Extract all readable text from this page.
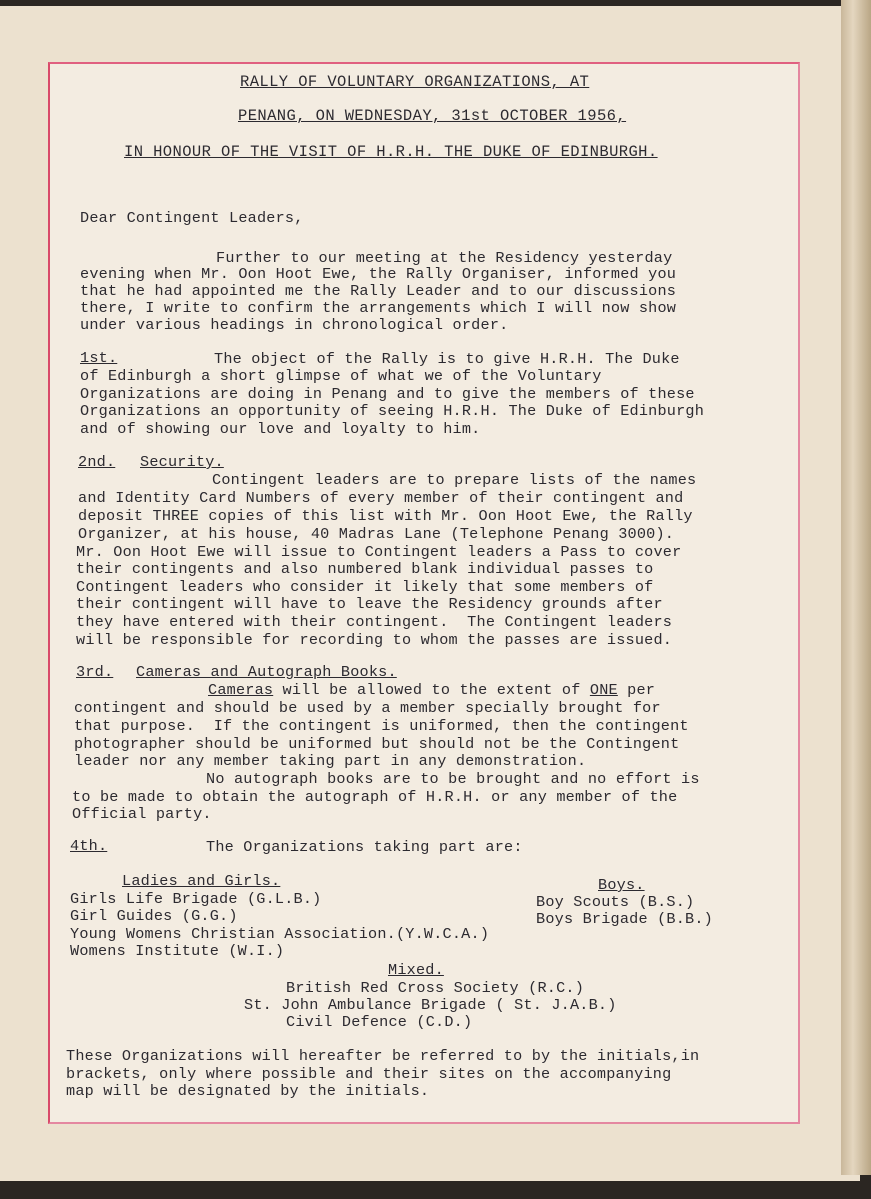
RALLY OF VOLUNTARY ORGANIZATIONS, AT
PENANG, ON WEDNESDAY, 31st OCTOBER 1956,
IN HONOUR OF THE VISIT OF H.R.H. THE DUKE OF EDINBURGH.
Dear Contingent Leaders,
Further to our meeting at the Residency yesterday
evening when Mr. Oon Hoot Ewe, the Rally Organiser, informed you
that he had appointed me the Rally Leader and to our discussions
there, I write to confirm the arrangements which I will now show
under various headings in chronological order.
1st.	The object of the Rally is to give H.R.H. The Duke
of Edinburgh a short glimpse of what we of the Voluntary
Organizations are doing in Penang and to give the members of these
Organizations an opportunity of seeing H.R.H. The Duke of Edinburgh
and of showing our love and loyalty to him.
2nd. Security.
Contingent leaders are to prepare lists of the names
and Identity Card Numbers of every member of their contingent and
deposit THREE copies of this list with Mr. Oon Hoot Ewe, the Rally
Organizer, at his house, 40 Madras Lane (Telephone Penang 3000).
Mr. Oon Hoot Ewe will issue to Contingent leaders a Pass to cover
their contingents and also numbered blank individual passes to
Contingent leaders who consider it likely that some members of
their contingent will have to leave the Residency grounds after
they have entered with their contingent.  The Contingent leaders
will be responsible for recording to whom the passes are issued.
3rd. Cameras and Autograph Books.
Cameras will be allowed to the extent of ONE per
contingent and should be used by a member specially brought for
that purpose.  If the contingent is uniformed, then the contingent
photographer should be uniformed but should not be the Contingent
leader nor any member taking part in any demonstration.
No autograph books are to be brought and no effort is
to be made to obtain the autograph of H.R.H. or any member of the
Official party.
4th.	The Organizations taking part are:
Ladies and Girls.
Girls Life Brigade (G.L.B.)
Girl Guides (G.G.)
Young Womens Christian Association.(Y.W.C.A.)
Womens Institute (W.I.)
Boys.
Boy Scouts (B.S.)
Boys Brigade (B.B.)
Mixed.
British Red Cross Society (R.C.)
St. John Ambulance Brigade ( St. J.A.B.)
Civil Defence (C.D.)
These Organizations will hereafter be referred to by the initials,in
brackets, only where possible and their sites on the accompanying
map will be designated by the initials.
